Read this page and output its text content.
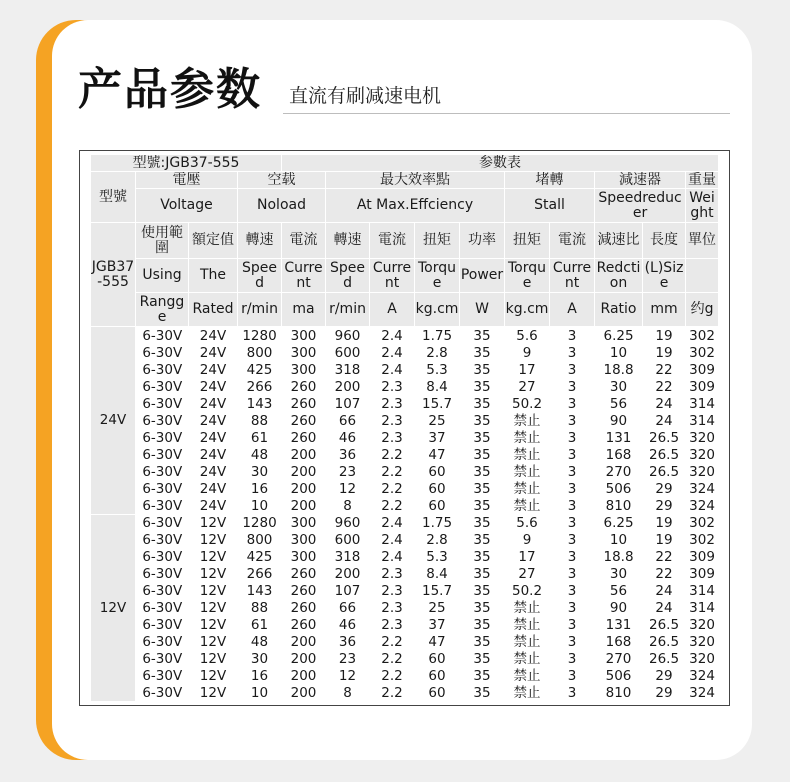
产品参数 直流有刷减速电机
型號:JGB37-555				参數表									
型號	電壓		空载		最大效率點				堵轉		減速器		重量
	Voltage		Noload		At Max.Effciency				Stall		Speedreducer		Weight
JGB37-555	使用範圍	額定值	轉速	電流	轉速	電流	扭矩	功率	扭矩	電流	減速比	長度	單位
	Using	The	Speed	Current	Speed	Current	Torque	Power	Torque	Current	Redction	(L)Size	
	Rangge	Rated	r/min	ma	r/min	A	kg.cm	W	kg.cm	A	Ratio	mm	约g
24V	6-30V	24V	1280	300	960	2.4	1.75	35	5.6	3	6.25	19	302
	6-30V	24V	800	300	600	2.4	2.8	35	9	3	10	19	302
	6-30V	24V	425	300	318	2.4	5.3	35	17	3	18.8	22	309
	6-30V	24V	266	260	200	2.3	8.4	35	27	3	30	22	309
	6-30V	24V	143	260	107	2.3	15.7	35	50.2	3	56	24	314
	6-30V	24V	88	260	66	2.3	25	35	禁止	3	90	24	314
	6-30V	24V	61	260	46	2.3	37	35	禁止	3	131	26.5	320
	6-30V	24V	48	200	36	2.2	47	35	禁止	3	168	26.5	320
	6-30V	24V	30	200	23	2.2	60	35	禁止	3	270	26.5	320
	6-30V	24V	16	200	12	2.2	60	35	禁止	3	506	29	324
	6-30V	24V	10	200	8	2.2	60	35	禁止	3	810	29	324
12V	6-30V	12V	1280	300	960	2.4	1.75	35	5.6	3	6.25	19	302
	6-30V	12V	800	300	600	2.4	2.8	35	9	3	10	19	302
	6-30V	12V	425	300	318	2.4	5.3	35	17	3	18.8	22	309
	6-30V	12V	266	260	200	2.3	8.4	35	27	3	30	22	309
	6-30V	12V	143	260	107	2.3	15.7	35	50.2	3	56	24	314
	6-30V	12V	88	260	66	2.3	25	35	禁止	3	90	24	314
	6-30V	12V	61	260	46	2.3	37	35	禁止	3	131	26.5	320
	6-30V	12V	48	200	36	2.2	47	35	禁止	3	168	26.5	320
	6-30V	12V	30	200	23	2.2	60	35	禁止	3	270	26.5	320
	6-30V	12V	16	200	12	2.2	60	35	禁止	3	506	29	324
	6-30V	12V	10	200	8	2.2	60	35	禁止	3	810	29	324
